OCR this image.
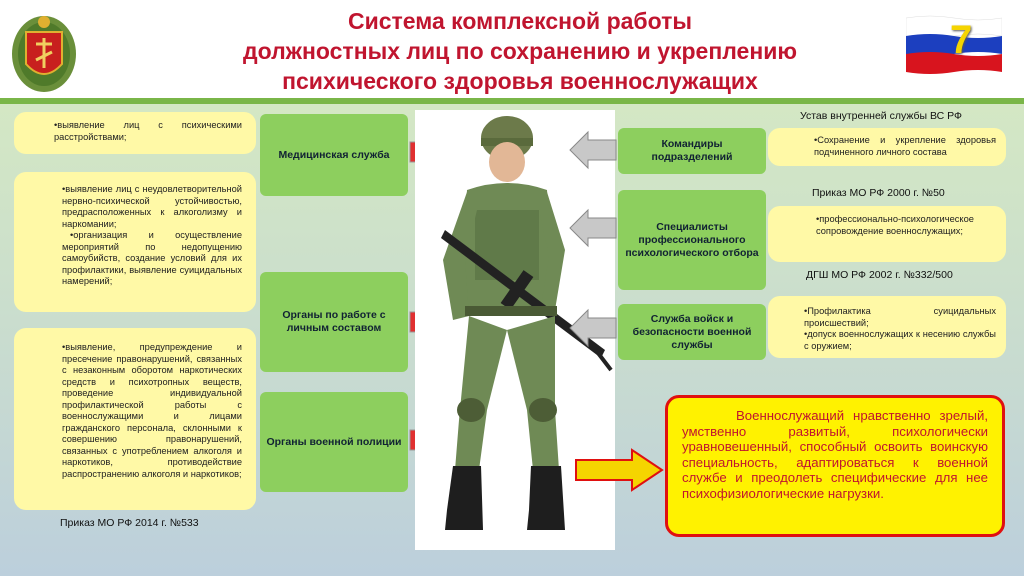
Система комплексной работы
должностных лиц по сохранению и укреплению
психического здоровья военнослужащих
7
•выявление лиц с психическими расстройствами;
•выявление лиц с неудовлетворительной нервно-психической устойчивостью, предрасположенных к алкоголизму и наркомании;
•организация и осуществление мероприятий по недопущению самоубийств, создание условий для их профилактики, выявление суицидальных намерений;
•выявление, предупреждение и пресечение правонарушений, связанных с незаконным оборотом наркотических средств и психотропных веществ, проведение индивидуальной профилактической работы с военнослужащими и лицами гражданского персонала, склонными к совершению правонарушений, связанных с употреблением алкоголя и наркотиков, противодействие распространению алкоголя и наркотиков;
Приказ МО РФ 2014 г. №533
Медицинская служба
Органы по работе с личным составом
Органы военной полиции
Командиры подразделений
Специалисты профессионального психологического отбора
Служба войск и безопасности военной службы
Устав внутренней службы ВС РФ
Приказ МО РФ 2000 г. №50
ДГШ МО РФ 2002 г. №332/500
•Сохранение и укрепление здоровья подчиненного личного состава
•профессионально-психологическое сопровождение военнослужащих;
•Профилактика суицидальных происшествий;
•допуск военнослужащих к несению службы с оружием;

Военнослужащий нравственно зрелый, умственно развитый, психологически уравновешенный, способный освоить воинскую специальность, адаптироваться к военной службе и преодолеть специфические для нее психофизиологические нагрузки.
